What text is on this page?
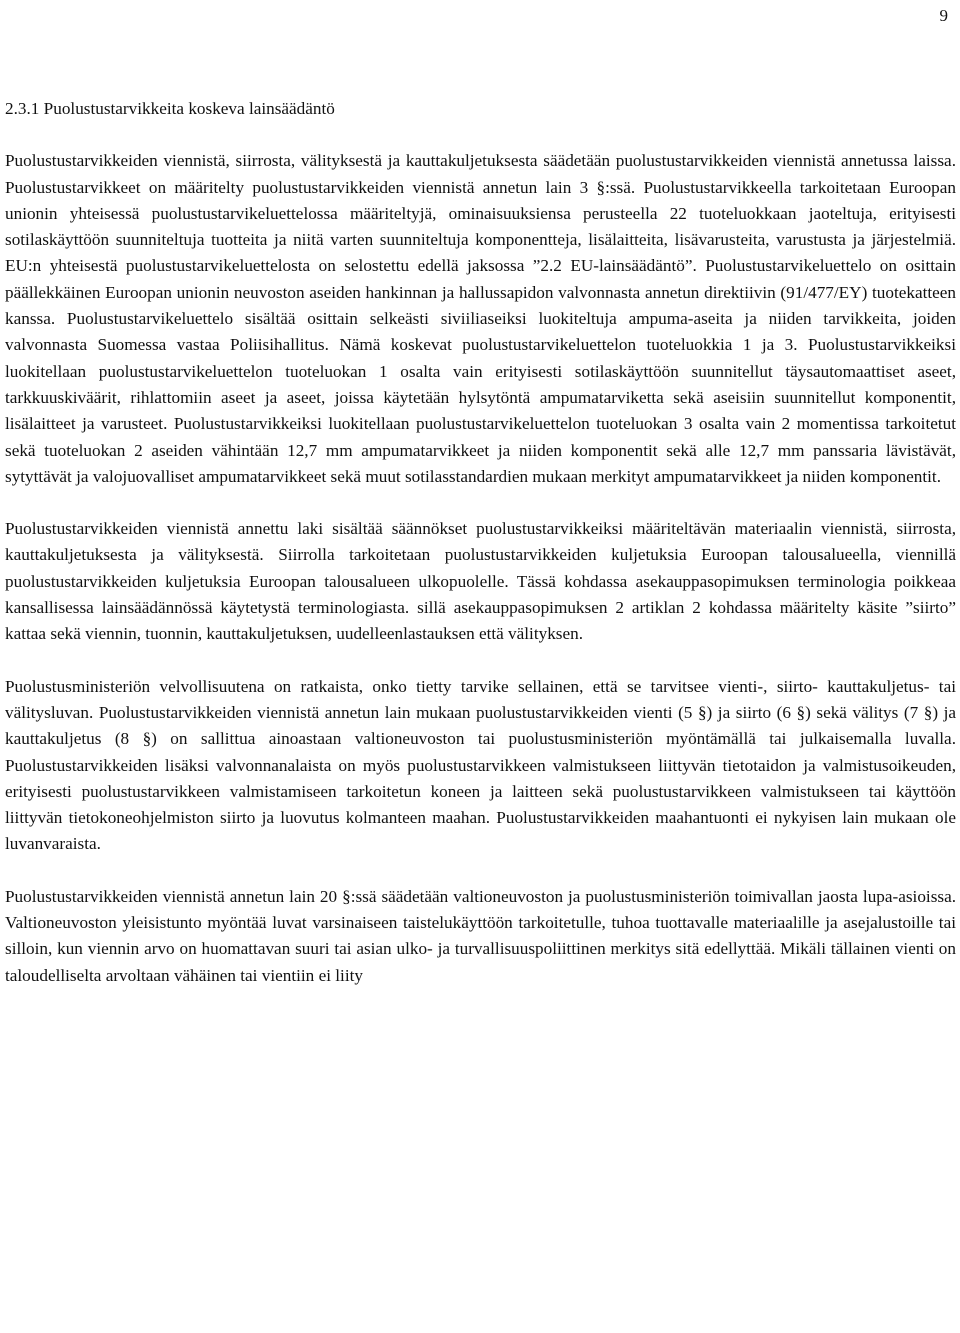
9
2.3.1 Puolustustarvikkeita koskeva lainsäädäntö

Puolustustarvikkeiden viennistä, siirrosta, välityksestä ja kauttakuljetuksesta säädetään puolustustarvikkeiden viennistä annetussa laissa. Puolustustarvikkeet on määritelty puolustustarvikkeiden viennistä annetun lain 3 §:ssä. Puolustustarvikkeella tarkoitetaan Euroopan unionin yhteisessä puolustustarvikeluettelossa määriteltyjä, ominaisuuksiensa perusteella 22 tuoteluokkaan jaoteltuja, erityisesti sotilaskäyttöön suunniteltuja tuotteita ja niitä varten suunniteltuja komponentteja, lisälaitteita, lisävarusteita, varustusta ja järjestelmiä. EU:n yhteisestä puolustustarvikeluettelosta on selostettu edellä jaksossa ”2.2 EU-lainsäädäntö”. Puolustustarvikeluettelo on osittain päällekkäinen Euroopan unionin neuvoston aseiden hankinnan ja hallussapidon valvonnasta annetun direktiivin (91/477/EY) tuotekatteen kanssa. Puolustustarvikeluettelo sisältää osittain selkeästi siviiliaseiksi luokiteltuja ampuma-aseita ja niiden tarvikkeita, joiden valvonnasta Suomessa vastaa Poliisihallitus. Nämä koskevat puolustustarvikeluettelon tuoteluokkia 1 ja 3. Puolustustarvikkeiksi luokitellaan puolustustarvikeluettelon tuoteluokan 1 osalta vain erityisesti sotilaskäyttöön suunnitellut täysautomaattiset aseet, tarkkuuskiväärit, rihlattomiin aseet ja aseet, joissa käytetään hylsytöntä ampumatarviketta sekä aseisiin suunnitellut komponentit, lisälaitteet ja varusteet. Puolustustarvikkeiksi luokitellaan puolustustarvikeluettelon tuoteluokan 3 osalta vain 2 momentissa tarkoitetut sekä tuoteluokan 2 aseiden vähintään 12,7 mm ampumatarvikkeet ja niiden komponentit sekä alle 12,7 mm panssaria lävistävät, sytyttävät ja valojuovalliset ampumatarvikkeet sekä muut sotilasstandardien mukaan merkityt ampumatarvikkeet ja niiden komponentit.

Puolustustarvikkeiden viennistä annettu laki sisältää säännökset puolustustarvikkeiksi määriteltävän materiaalin viennistä, siirrosta, kauttakuljetuksesta ja välityksestä. Siirrolla tarkoitetaan puolustustarvikkeiden kuljetuksia Euroopan talousalueella, viennillä puolustustarvikkeiden kuljetuksia Euroopan talousalueen ulkopuolelle. Tässä kohdassa asekauppasopimuksen terminologia poikkeaa kansallisessa lainsäädännössä käytetystä terminologiasta. sillä asekauppasopimuksen 2 artiklan 2 kohdassa määritelty käsite ”siirto” kattaa sekä viennin, tuonnin, kauttakuljetuksen, uudelleenlastauksen että välityksen.

Puolustusministeriön velvollisuutena on ratkaista, onko tietty tarvike sellainen, että se tarvitsee vienti-, siirto- kauttakuljetus- tai välitysluvan. Puolustustarvikkeiden viennistä annetun lain mukaan puolustustarvikkeiden vienti (5 §) ja siirto (6 §) sekä välitys (7 §) ja kauttakuljetus (8 §) on sallittua ainoastaan valtioneuvoston tai puolustusministeriön myöntämällä tai julkaisemalla luvalla. Puolustustarvikkeiden lisäksi valvonnanalaista on myös puolustustarvikkeen valmistukseen liittyvän tietotaidon ja valmistusoikeuden, erityisesti puolustustarvikkeen valmistamiseen tarkoitetun koneen ja laitteen sekä puolustustarvikkeen valmistukseen tai käyttöön liittyvän tietokoneohjelmiston siirto ja luovutus kolmanteen maahan. Puolustustarvikkeiden maahantuonti ei nykyisen lain mukaan ole luvanvaraista.

Puolustustarvikkeiden viennistä annetun lain 20 §:ssä säädetään valtioneuvoston ja puolustusministeriön toimivallan jaosta lupa-asioissa. Valtioneuvoston yleisistunto myöntää luvat varsinaiseen taistelukäyttöön tarkoitetulle, tuhoa tuottavalle materiaalille ja asejalustoille tai silloin, kun viennin arvo on huomattavan suuri tai asian ulko- ja turvallisuuspoliittinen merkitys sitä edellyttää. Mikäli tällainen vienti on taloudelliselta arvoltaan vähäinen tai vientiin ei liity
